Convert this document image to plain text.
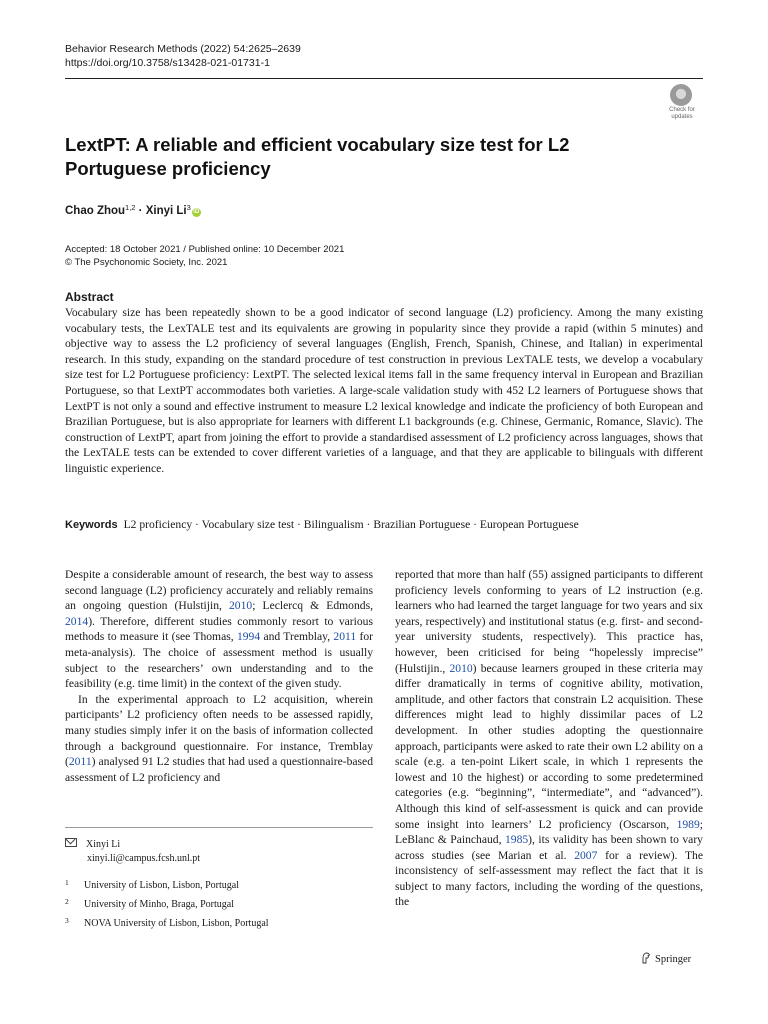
Behavior Research Methods (2022) 54:2625–2639
https://doi.org/10.3758/s13428-021-01731-1
Check for
updates
LextPT: A reliable and efficient vocabulary size test for L2 Portuguese proficiency
Chao Zhou$^{1,2}$ · Xinyi Li$^3$ iD
Accepted: 18 October 2021 / Published online: 10 December 2021
© The Psychonomic Society, Inc. 2021
Abstract
Vocabulary size has been repeatedly shown to be a good indicator of second language (L2) proficiency. Among the many existing vocabulary tests, the LexTALE test and its equivalents are growing in popularity since they provide a rapid (within 5 minutes) and objective way to assess the L2 proficiency of several languages (English, French, Spanish, Chinese, and Italian) in experimental research. In this study, expanding on the standard procedure of test construction in previous LexTALE tests, we develop a vocabulary size test for L2 Portuguese proficiency: LextPT. The selected lexical items fall in the same frequency interval in European and Brazilian Portuguese, so that LextPT accommodates both varieties. A large-scale validation study with 452 L2 learners of Portuguese shows that LextPT is not only a sound and effective instrument to measure L2 lexical knowledge and indicate the proficiency of both European and Brazilian Portuguese, but is also appropriate for learners with different L1 backgrounds (e.g. Chinese, Germanic, Romance, Slavic). The construction of LextPT, apart from joining the effort to provide a standardised assessment of L2 proficiency across languages, shows that the LexTALE tests can be extended to cover different varieties of a language, and that they are applicable to bilinguals with different linguistic experience.
Keywords L2 proficiency · Vocabulary size test · Bilingualism · Brazilian Portuguese · European Portuguese

Despite a considerable amount of research, the best way to assess second language (L2) proficiency accurately and reliably remains an ongoing question (Hulstijin, 2010; Leclercq & Edmonds, 2014). Therefore, different studies commonly resort to various methods to measure it (see Thomas, 1994 and Tremblay, 2011 for meta-analysis). The choice of assessment method is usually subject to the researchers’ own understanding and to the feasibility (e.g. time limit) in the context of the given study.

In the experimental approach to L2 acquisition, wherein participants’ L2 proficiency often needs to be assessed rapidly, many studies simply infer it on the basis of information collected through a background questionnaire. For instance, Tremblay (2011) analysed 91 L2 studies that had used a questionnaire-based assessment of L2 proficiency and

reported that more than half (55) assigned participants to different proficiency levels conforming to years of L2 instruction (e.g. learners who had learned the target language for two years and six years, respectively) and institutional status (e.g. first- and second-year university students, respectively). This practice has, however, been criticised for being “hopelessly imprecise” (Hulstijin., 2010) because learners grouped in these criteria may differ dramatically in terms of cognitive ability, motivation, amplitude, and other factors that constrain L2 acquisition. These differences might lead to highly dissimilar paces of L2 development. In other studies adopting the questionnaire approach, participants were asked to rate their own L2 ability on a scale (e.g. a ten-point Likert scale, in which 1 represents the lowest and 10 the highest) or according to some predetermined categories (e.g. “beginning”, “intermediate”, and “advanced”). Although this kind of self-assessment is quick and can provide some insight into learners’ L2 proficiency (Oscarson, 1989; LeBlanc & Painchaud, 1985), its validity has been shown to vary across studies (see Marian et al. 2007 for a review). The inconsistency of self-assessment may reflect the fact that it is subject to many factors, including the wording of the questions, the

Xinyi Li
xinyi.li@campus.fcsh.unl.pt
1 University of Lisbon, Lisbon, Portugal
2 University of Minho, Braga, Portugal
3 NOVA University of Lisbon, Lisbon, Portugal
Springer
